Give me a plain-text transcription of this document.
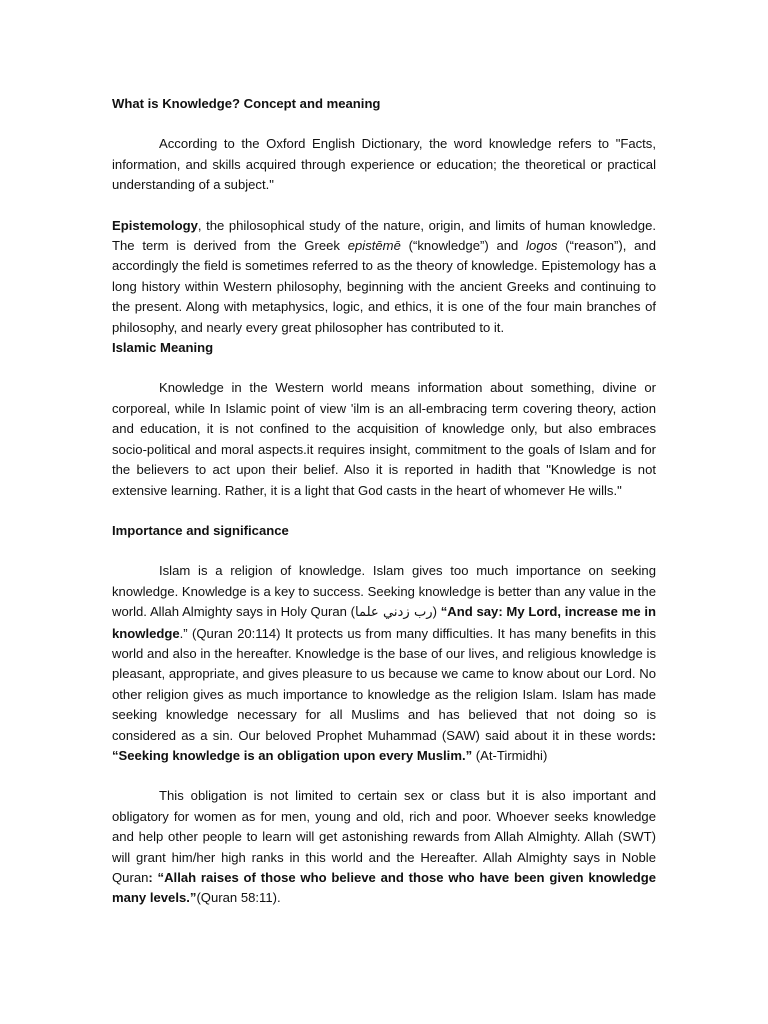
What is Knowledge? Concept and meaning

According to the Oxford English Dictionary, the word knowledge refers to "Facts, information, and skills acquired through experience or education; the theoretical or practical understanding of a subject."

Epistemology, the philosophical study of the nature, origin, and limits of human knowledge. The term is derived from the Greek epistēmē (“knowledge”) and logos (“reason”), and accordingly the field is sometimes referred to as the theory of knowledge. Epistemology has a long history within Western philosophy, beginning with the ancient Greeks and continuing to the present. Along with metaphysics, logic, and ethics, it is one of the four main branches of philosophy, and nearly every great philosopher has contributed to it.

Islamic Meaning

Knowledge in the Western world means information about something, divine or corporeal, while In Islamic point of view 'ilm is an all-embracing term covering theory, action and education, it is not confined to the acquisition of knowledge only, but also embraces socio-political and moral aspects.it requires insight, commitment to the goals of Islam and for the believers to act upon their belief. Also it is reported in hadith that "Knowledge is not extensive learning. Rather, it is a light that God casts in the heart of whomever He wills."

Importance and significance

Islam is a religion of knowledge. Islam gives too much importance on seeking knowledge. Knowledge is a key to success. Seeking knowledge is better than any value in the world. Allah Almighty says in Holy Quran (رب زدني علما) “And say: My Lord, increase me in knowledge.” (Quran 20:114) It protects us from many difficulties. It has many benefits in this world and also in the hereafter. Knowledge is the base of our lives, and religious knowledge is pleasant, appropriate, and gives pleasure to us because we came to know about our Lord. No other religion gives as much importance to knowledge as the religion Islam. Islam has made seeking knowledge necessary for all Muslims and has believed that not doing so is considered as a sin. Our beloved Prophet Muhammad (SAW) said about it in these words: “Seeking knowledge is an obligation upon every Muslim.” (At-Tirmidhi)

This obligation is not limited to certain sex or class but it is also important and obligatory for women as for men, young and old, rich and poor. Whoever seeks knowledge and help other people to learn will get astonishing rewards from Allah Almighty. Allah (SWT) will grant him/her high ranks in this world and the Hereafter. Allah Almighty says in Noble Quran: “Allah raises of those who believe and those who have been given knowledge many levels.”(Quran 58:11).
